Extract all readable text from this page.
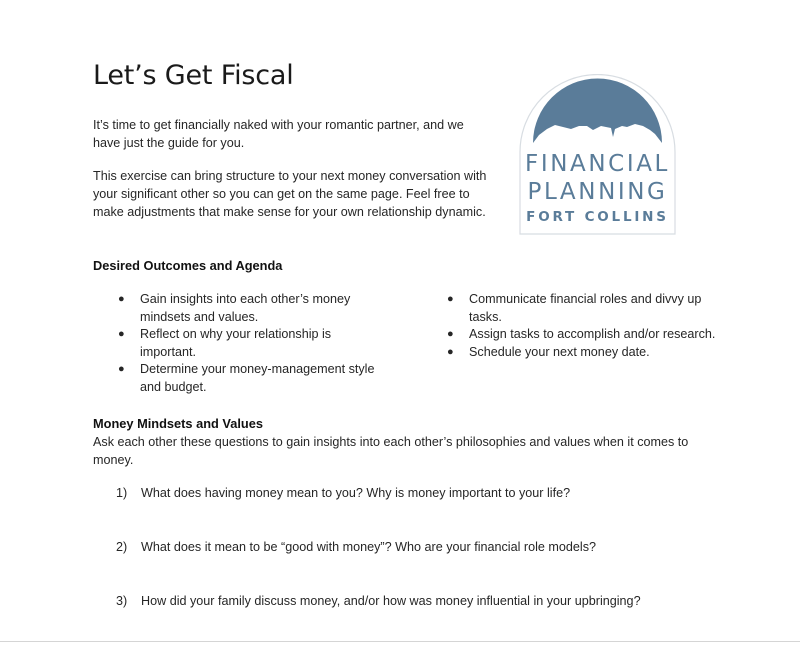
Let’s Get Fiscal

It’s time to get financially naked with your romantic partner, and we have just the guide for you.

This exercise can bring structure to your next money conversation with your significant other so you can get on the same page. Feel free to make adjustments that make sense for your own relationship dynamic.

FINANCIAL
PLANNING
FORT COLLINS
Desired Outcomes and Agenda
● Gain insights into each other’s money mindsets and values.
● Reflect on why your relationship is important.
● Determine your money-management style and budget.
● Communicate financial roles and divvy up tasks.
● Assign tasks to accomplish and/or research.
● Schedule your next money date.
Money Mindsets and Values

Ask each other these questions to gain insights into each other’s philosophies and values when it comes to money.

1) What does having money mean to you? Why is money important to your life?

2) What does it mean to be “good with money”? Who are your financial role models?

3) How did your family discuss money, and/or how was money influential in your upbringing?
